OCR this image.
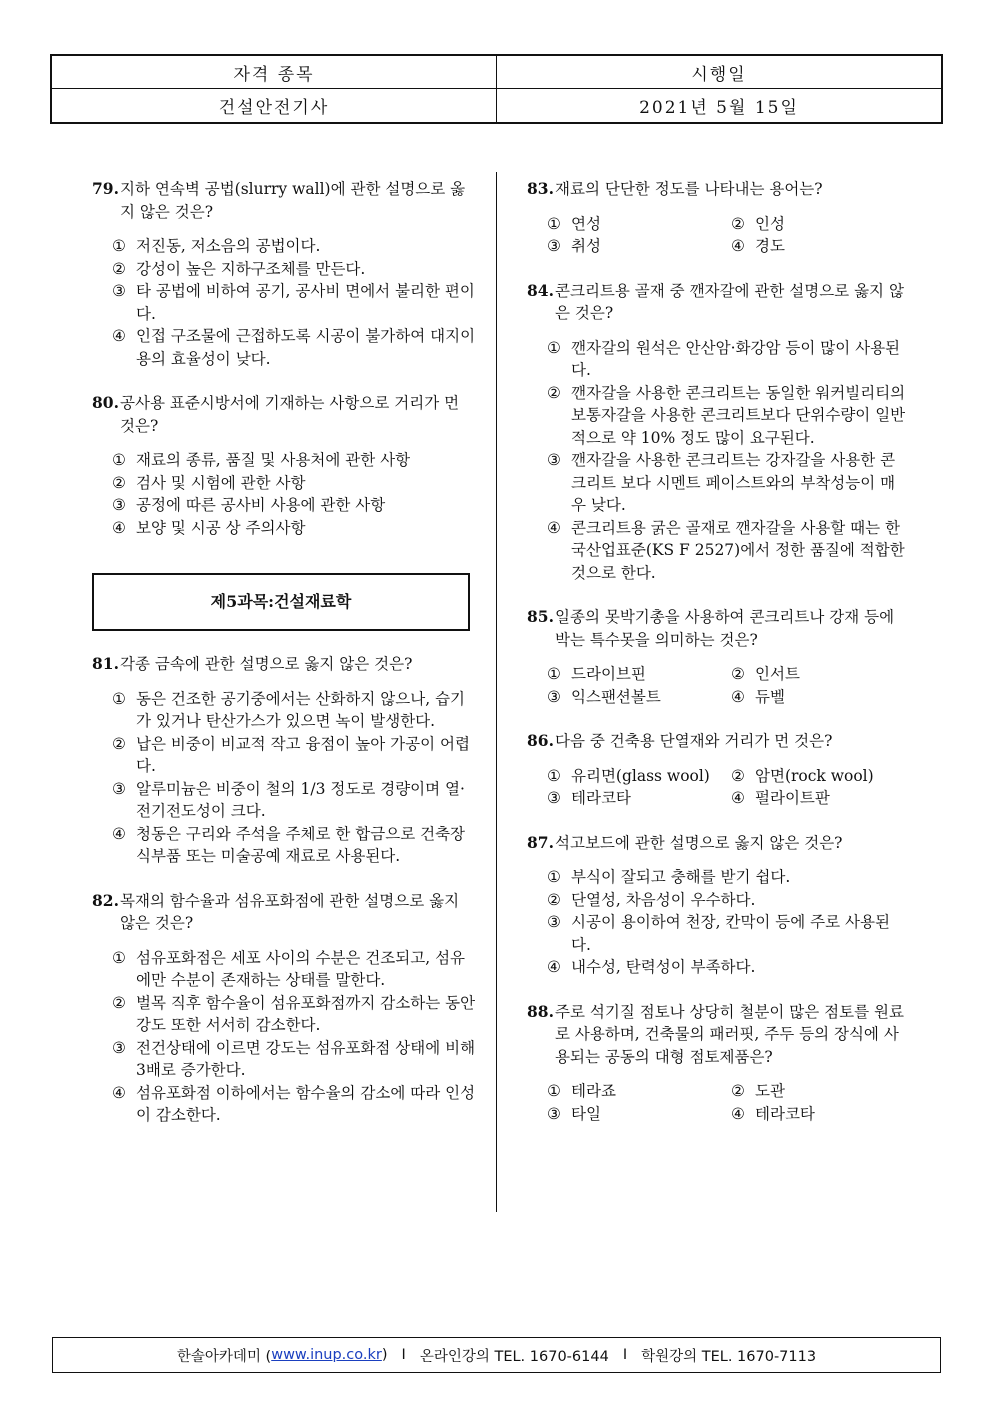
자격 종목	시행일
건설안전기사	2021년 5월 15일
79. 지하 연속벽 공법(slurry wall)에 관한 설명으로 옳지 않은 것은?
① 저진동, 저소음의 공법이다.
② 강성이 높은 지하구조체를 만든다.
③ 타 공법에 비하여 공기, 공사비 면에서 불리한 편이다.
④ 인접 구조물에 근접하도록 시공이 불가하여 대지이용의 효율성이 낮다.
80. 공사용 표준시방서에 기재하는 사항으로 거리가 먼 것은?
① 재료의 종류, 품질 및 사용처에 관한 사항
② 검사 및 시험에 관한 사항
③ 공정에 따른 공사비 사용에 관한 사항
④ 보양 및 시공 상 주의사항
제5과목:건설재료학
81. 각종 금속에 관한 설명으로 옳지 않은 것은?
① 동은 건조한 공기중에서는 산화하지 않으나, 습기가 있거나 탄산가스가 있으면 녹이 발생한다.
② 납은 비중이 비교적 작고 융점이 높아 가공이 어렵다.
③ 알루미늄은 비중이 철의 1/3 정도로 경량이며 열·전기전도성이 크다.
④ 청동은 구리와 주석을 주체로 한 합금으로 건축장식부품 또는 미술공예 재료로 사용된다.
82. 목재의 함수율과 섬유포화점에 관한 설명으로 옳지 않은 것은?
① 섬유포화점은 세포 사이의 수분은 건조되고, 섬유에만 수분이 존재하는 상태를 말한다.
② 벌목 직후 함수율이 섬유포화점까지 감소하는 동안 강도 또한 서서히 감소한다.
③ 전건상태에 이르면 강도는 섬유포화점 상태에 비해 3배로 증가한다.
④ 섬유포화점 이하에서는 함수율의 감소에 따라 인성이 감소한다.
83. 재료의 단단한 정도를 나타내는 용어는?
① 연성	② 인성
③ 취성	④ 경도
84. 콘크리트용 골재 중 깬자갈에 관한 설명으로 옳지 않은 것은?
① 깬자갈의 원석은 안산암·화강암 등이 많이 사용된다.
② 깬자갈을 사용한 콘크리트는 동일한 워커빌리티의 보통자갈을 사용한 콘크리트보다 단위수량이 일반적으로 약 10% 정도 많이 요구된다.
③ 깬자갈을 사용한 콘크리트는 강자갈을 사용한 콘크리트 보다 시멘트 페이스트와의 부착성능이 매우 낮다.
④ 콘크리트용 굵은 골재로 깬자갈을 사용할 때는 한국산업표준(KS F 2527)에서 정한 품질에 적합한 것으로 한다.
85. 일종의 못박기총을 사용하여 콘크리트나 강재 등에 박는 특수못을 의미하는 것은?
① 드라이브핀	② 인서트
③ 익스팬션볼트	④ 듀벨
86. 다음 중 건축용 단열재와 거리가 먼 것은?
① 유리면(glass wool)	② 암면(rock wool)
③ 테라코타	④ 펄라이트판
87. 석고보드에 관한 설명으로 옳지 않은 것은?
① 부식이 잘되고 충해를 받기 쉽다.
② 단열성, 차음성이 우수하다.
③ 시공이 용이하여 천장, 칸막이 등에 주로 사용된다.
④ 내수성, 탄력성이 부족하다.
88. 주로 석기질 점토나 상당히 철분이 많은 점토를 원료로 사용하며, 건축물의 패러핏, 주두 등의 장식에 사용되는 공동의 대형 점토제품은?
① 테라죠	② 도관
③ 타일	④ 테라코타
한솔아카데미 ( www.inup.co.kr ) I 온라인강의 TEL. 1670-6144 I 학원강의 TEL. 1670-7113
